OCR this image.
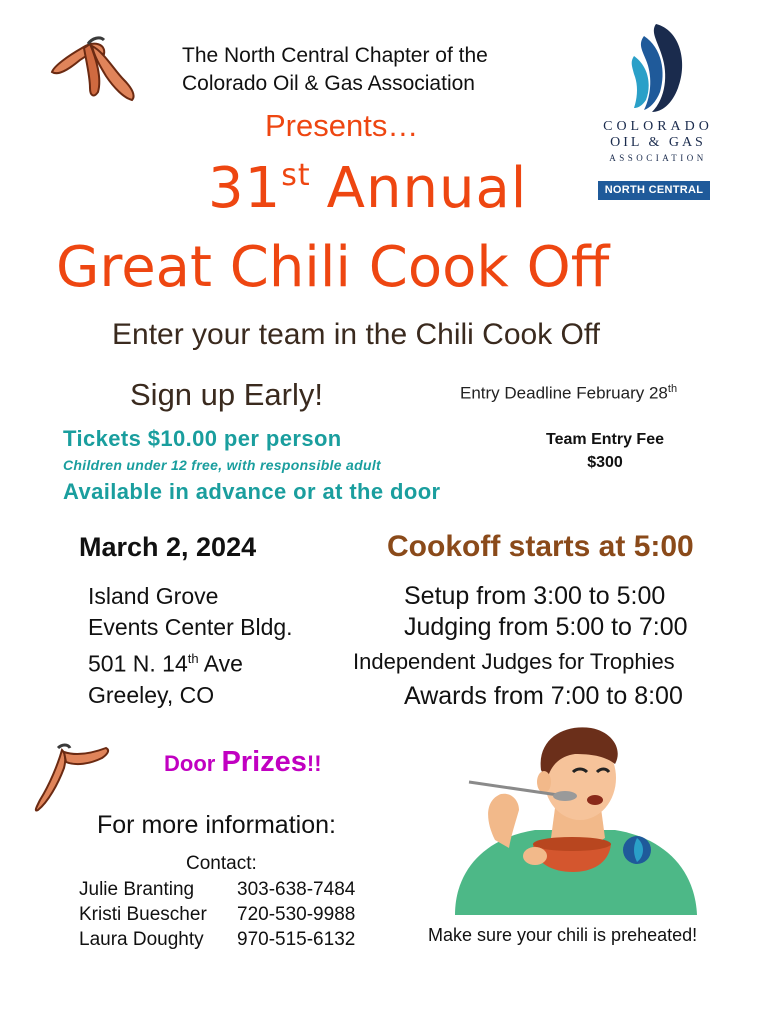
The North Central Chapter of the
Colorado Oil & Gas Association
Presents…
31st Annual
Great Chili Cook Off
COLORADO
OIL & GAS
ASSOCIATION
NORTH CENTRAL
Enter your team in the Chili Cook Off
Sign up Early!	Entry Deadline February 28th
Tickets $10.00 per person
Children under 12 free, with responsible adult
Available in advance or at the door
Team Entry Fee
$300
March 2, 2024	Cookoff starts at 5:00
Island Grove
Events Center Bldg.
501 N. 14th Ave
Greeley, CO
Setup from 3:00 to 5:00
Judging from 5:00 to 7:00
Independent Judges for Trophies
Awards from 7:00 to 8:00
Door Prizes!!
For more information:
Contact:
Julie Branting	303-638-7484
Kristi Buescher	720-530-9988
Laura Doughty	970-515-6132	Make sure your chili is preheated!
